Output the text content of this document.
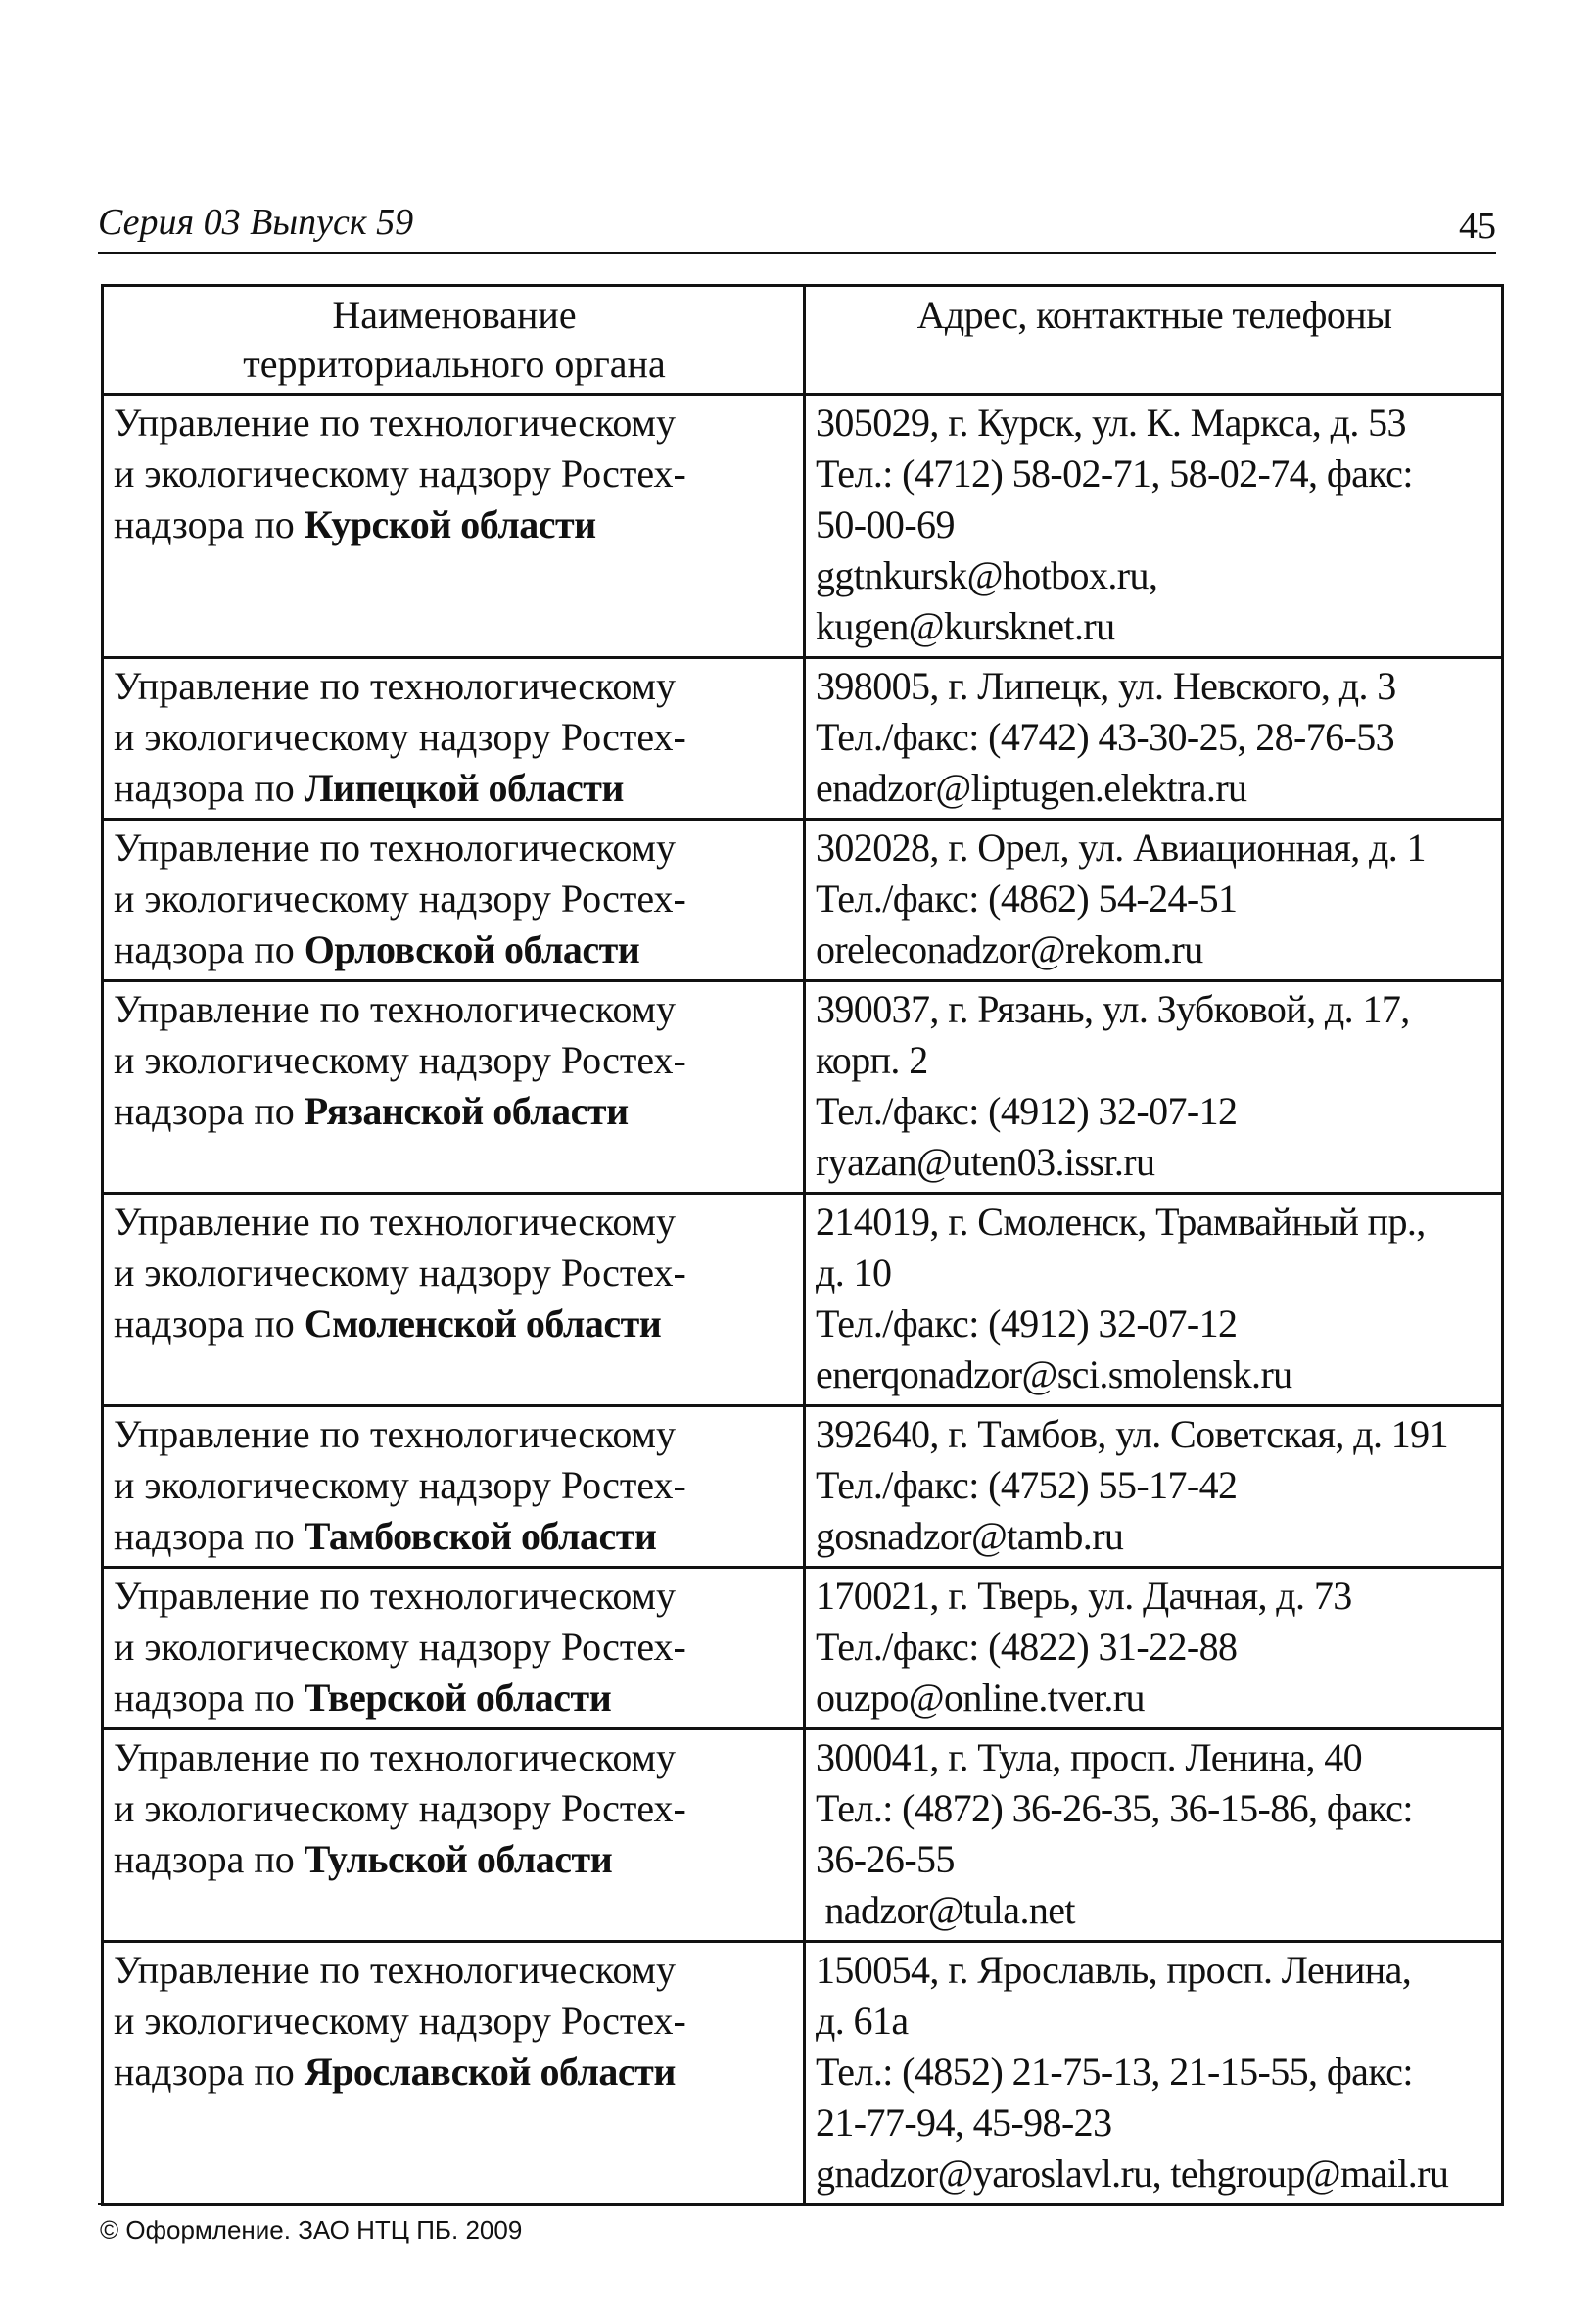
Серия 03 Выпуск 59	45
Наименование
территориального органа	Адрес, контактные телефоны

Управление по технологическому
и экологическому надзору Ростех-
надзора по Курской области	305029, г. Курск, ул. К. Маркса, д. 53
Тел.: (4712) 58-02-71, 58-02-74, факс:
50-00-69
ggtnkursk@hotbox.ru,
kugen@kursknet.ru

Управление по технологическому
и экологическому надзору Ростех-
надзора по Липецкой области	398005, г. Липецк, ул. Невского, д. 3
Тел./факс: (4742) 43-30-25, 28-76-53
enadzor@liptugen.elektra.ru

Управление по технологическому
и экологическому надзору Ростех-
надзора по Орловской области	302028, г. Орел, ул. Авиационная, д. 1
Тел./факс: (4862) 54-24-51
oreleconadzor@rekom.ru

Управление по технологическому
и экологическому надзору Ростех-
надзора по Рязанской области	390037, г. Рязань, ул. Зубковой, д. 17,
корп. 2
Тел./факс: (4912) 32-07-12
ryazan@uten03.issr.ru

Управление по технологическому
и экологическому надзору Ростех-
надзора по Смоленской области	214019, г. Смоленск, Трамвайный пр.,
д. 10
Тел./факс: (4912) 32-07-12
enerqonadzor@sci.smolensk.ru

Управление по технологическому
и экологическому надзору Ростех-
надзора по Тамбовской области	392640, г. Тамбов, ул. Советская, д. 191
Тел./факс: (4752) 55-17-42
gosnadzor@tamb.ru

Управление по технологическому
и экологическому надзору Ростех-
надзора по Тверской области	170021, г. Тверь, ул. Дачная, д. 73
Тел./факс: (4822) 31-22-88
ouzpo@online.tver.ru

Управление по технологическому
и экологическому надзору Ростех-
надзора по Тульской области	300041, г. Тула, просп. Ленина, 40
Тел.: (4872) 36-26-35, 36-15-86, факс:
36-26-55
nadzor@tula.net

Управление по технологическому
и экологическому надзору Ростех-
надзора по Ярославской области	150054, г. Ярославль, просп. Ленина,
д. 61а
Тел.: (4852) 21-75-13, 21-15-55, факс:
21-77-94, 45-98-23
gnadzor@yaroslavl.ru, tehgroup@mail.ru
© Оформление. ЗАО НТЦ ПБ. 2009
